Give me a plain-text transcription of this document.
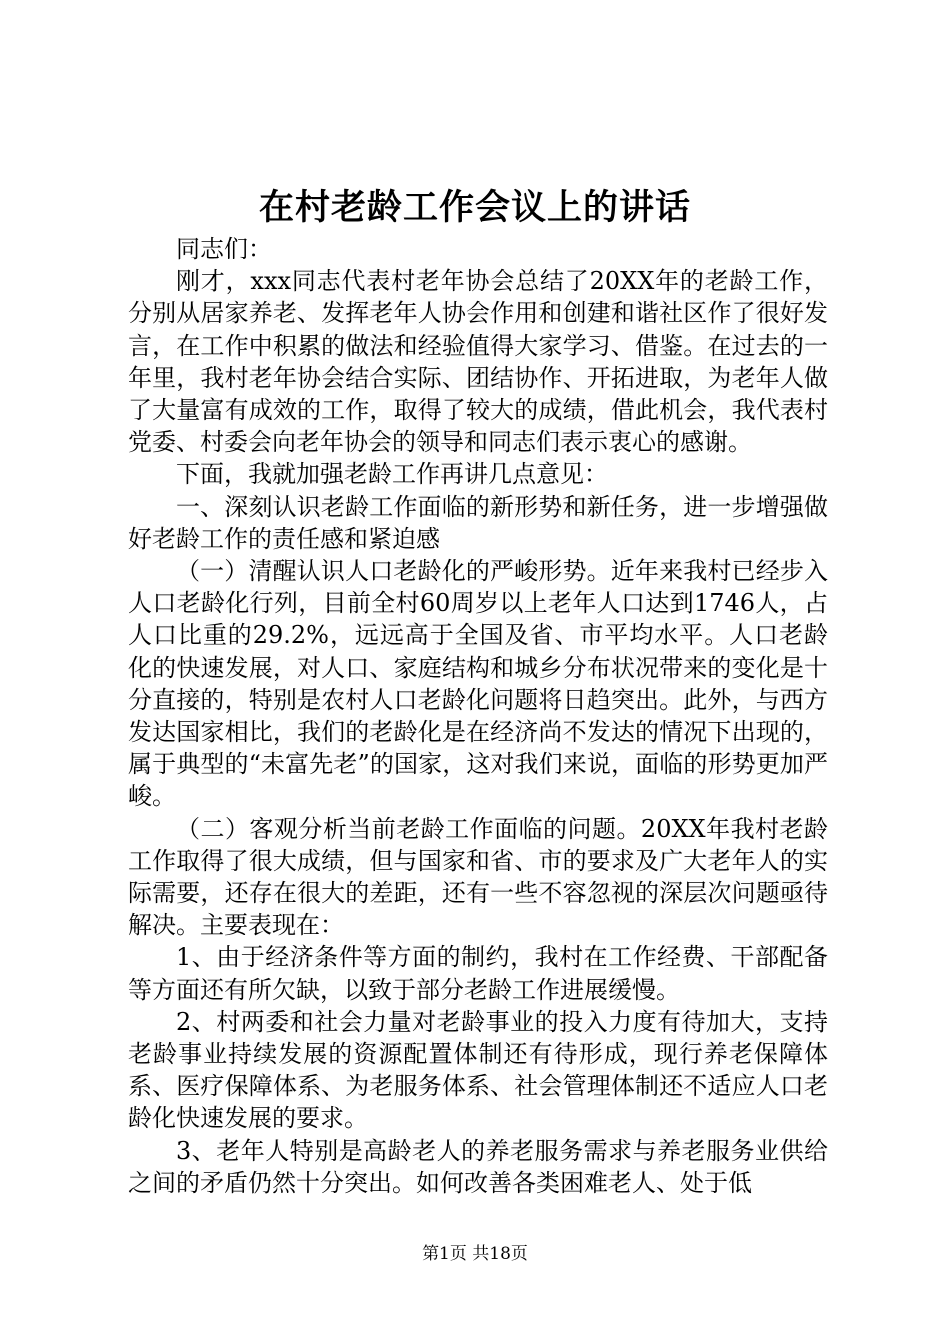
在村老龄工作会议上的讲话

同志们：

刚才，xxx同志代表村老年协会总结了20XX年的老龄工作，分别从居家养老、发挥老年人协会作用和创建和谐社区作了很好发言，在工作中积累的做法和经验值得大家学习、借鉴。在过去的一年里，我村老年协会结合实际、团结协作、开拓进取，为老年人做了大量富有成效的工作，取得了较大的成绩，借此机会，我代表村党委、村委会向老年协会的领导和同志们表示衷心的感谢。

下面，我就加强老龄工作再讲几点意见：

一、深刻认识老龄工作面临的新形势和新任务，进一步增强做好老龄工作的责任感和紧迫感

（一）清醒认识人口老龄化的严峻形势。近年来我村已经步入人口老龄化行列，目前全村60周岁以上老年人口达到1746人，占人口比重的29.2%，远远高于全国及省、市平均水平。人口老龄化的快速发展，对人口、家庭结构和城乡分布状况带来的变化是十分直接的，特别是农村人口老龄化问题将日趋突出。此外，与西方发达国家相比，我们的老龄化是在经济尚不发达的情况下出现的，属于典型的“未富先老”的国家，这对我们来说，面临的形势更加严峻。

（二）客观分析当前老龄工作面临的问题。20XX年我村老龄工作取得了很大成绩，但与国家和省、市的要求及广大老年人的实际需要，还存在很大的差距，还有一些不容忽视的深层次问题亟待解决。主要表现在：

1、由于经济条件等方面的制约，我村在工作经费、干部配备等方面还有所欠缺，以致于部分老龄工作进展缓慢。

2、村两委和社会力量对老龄事业的投入力度有待加大，支持老龄事业持续发展的资源配置体制还有待形成，现行养老保障体系、医疗保障体系、为老服务体系、社会管理体制还不适应人口老龄化快速发展的要求。

3、老年人特别是高龄老人的养老服务需求与养老服务业供给之间的矛盾仍然十分突出。如何改善各类困难老人、处于低

第1页 共18页
